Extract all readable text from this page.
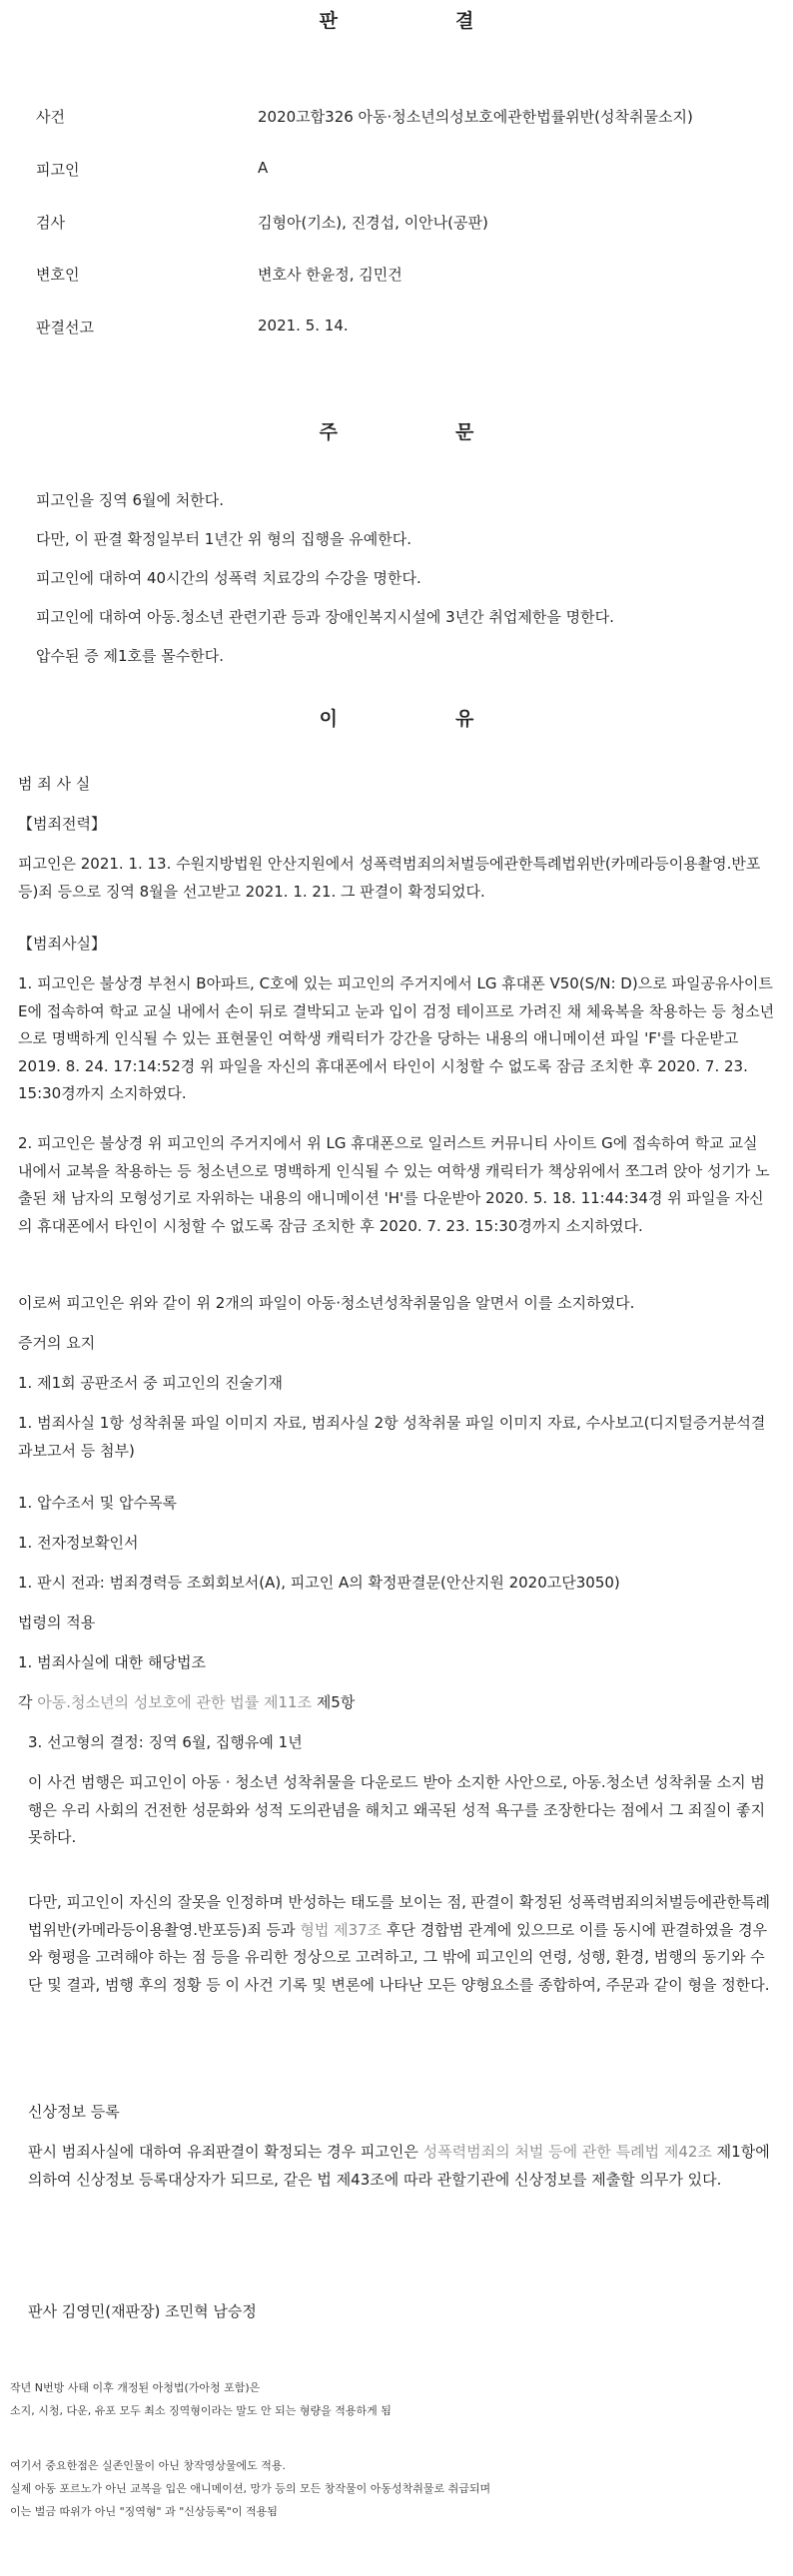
판	결
사건	2020고합326 아동·청소년의성보호에관한법률위반(성착취물소지)
피고인	A
검사	김형아(기소), 진경섭, 이안나(공판)
변호인	변호사 한윤정, 김민건
판결선고	2021. 5. 14.
주	문
피고인을 징역 6월에 처한다.
다만, 이 판결 확정일부터 1년간 위 형의 집행을 유예한다.
피고인에 대하여 40시간의 성폭력 치료강의 수강을 명한다.
피고인에 대하여 아동.청소년 관련기관 등과 장애인복지시설에 3년간 취업제한을 명한다.
압수된 증 제1호를 몰수한다.
이	유
범 죄 사 실
【범죄전력】
피고인은 2021. 1. 13. 수원지방법원 안산지원에서 성폭력범죄의처벌등에관한특례법위반(카메라등이용촬영.반포등)죄 등으로 징역 8월을 선고받고 2021. 1. 21. 그 판결이 확정되었다.
【범죄사실】
1. 피고인은 불상경 부천시 B아파트, C호에 있는 피고인의 주거지에서 LG 휴대폰 V50(S/N: D)으로 파일공유사이트 E에 접속하여 학교 교실 내에서 손이 뒤로 결박되고 눈과 입이 검정 테이프로 가려진 채 체육복을 착용하는 등 청소년으로 명백하게 인식될 수 있는 표현물인 여학생 캐릭터가 강간을 당하는 내용의 애니메이션 파일 'F'를 다운받고 2019. 8. 24. 17:14:52경 위 파일을 자신의 휴대폰에서 타인이 시청할 수 없도록 잠금 조치한 후 2020. 7. 23. 15:30경까지 소지하였다.
2. 피고인은 불상경 위 피고인의 주거지에서 위 LG 휴대폰으로 일러스트 커뮤니티 사이트 G에 접속하여 학교 교실 내에서 교복을 착용하는 등 청소년으로 명백하게 인식될 수 있는 여학생 캐릭터가 책상위에서 쪼그려 앉아 성기가 노출된 채 남자의 모형성기로 자위하는 내용의 애니메이션 'H'를 다운받아 2020. 5. 18. 11:44:34경 위 파일을 자신의 휴대폰에서 타인이 시청할 수 없도록 잠금 조치한 후 2020. 7. 23. 15:30경까지 소지하였다.
이로써 피고인은 위와 같이 위 2개의 파일이 아동·청소년성착취물임을 알면서 이를 소지하였다.
증거의 요지
1. 제1회 공판조서 중 피고인의 진술기재
1. 범죄사실 1항 성착취물 파일 이미지 자료, 범죄사실 2항 성착취물 파일 이미지 자료, 수사보고(디지털증거분석결과보고서 등 첨부)
1. 압수조서 및 압수목록
1. 전자정보확인서
1. 판시 전과: 범죄경력등 조회회보서(A), 피고인 A의 확정판결문(안산지원 2020고단3050)
법령의 적용
1. 범죄사실에 대한 해당법조
각 아동.청소년의 성보호에 관한 법률 제11조 제5항
3. 선고형의 결정: 징역 6월, 집행유예 1년
이 사건 범행은 피고인이 아동 · 청소년 성착취물을 다운로드 받아 소지한 사안으로, 아동.청소년 성착취물 소지 범행은 우리 사회의 건전한 성문화와 성적 도의관념을 해치고 왜곡된 성적 욕구를 조장한다는 점에서 그 죄질이 좋지 못하다.
다만, 피고인이 자신의 잘못을 인정하며 반성하는 태도를 보이는 점, 판결이 확정된 성폭력범죄의처벌등에관한특례법위반(카메라등이용촬영.반포등)죄 등과 형법 제37조 후단 경합범 관계에 있으므로 이를 동시에 판결하였을 경우와 형평을 고려해야 하는 점 등을 유리한 정상으로 고려하고, 그 밖에 피고인의 연령, 성행, 환경, 범행의 동기와 수단 및 결과, 범행 후의 정황 등 이 사건 기록 및 변론에 나타난 모든 양형요소를 종합하여, 주문과 같이 형을 정한다.
신상정보 등록
판시 범죄사실에 대하여 유죄판결이 확정되는 경우 피고인은 성폭력범죄의 처벌 등에 관한 특례법 제42조 제1항에 의하여 신상정보 등록대상자가 되므로, 같은 법 제43조에 따라 관할기관에 신상정보를 제출할 의무가 있다.
판사 김영민(재판장) 조민혁 남승정
작년 N번방 사태 이후 개정된 아청법(가아청 포함)은
소지, 시청, 다운, 유포 모두 최소 징역형이라는 말도 안 되는 형량을 적용하게 됨
여기서 중요한점은 실존인물이 아닌 창작영상물에도 적용.
실제 아동 포르노가 아닌 교복을 입은 애니메이션, 망가 등의 모든 창작물이 아동성착취물로 취급되며
이는 벌금 따위가 아닌 "징역형" 과 "신상등록"이 적용됨
